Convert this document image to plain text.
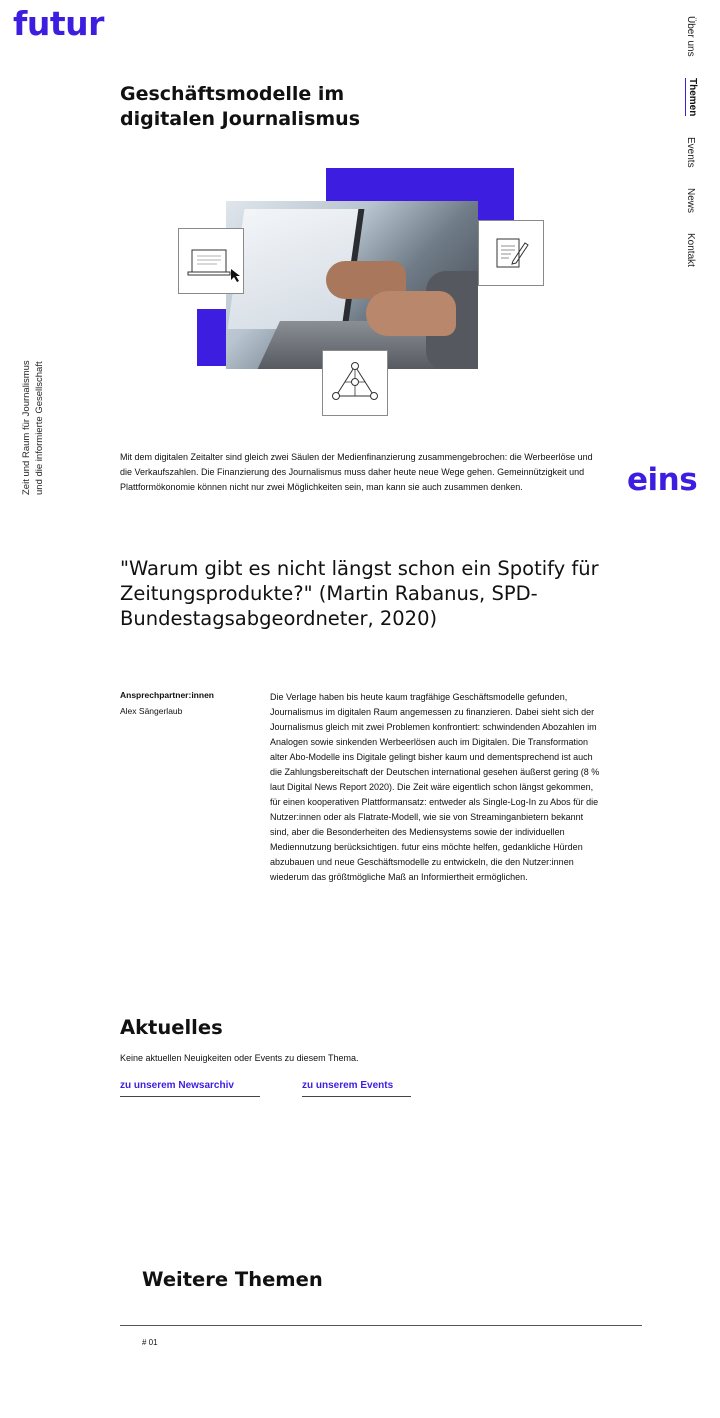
futur	Über uns
Themen
Events
News
Kontakt
Zeit und Raum für Journalismus und die informierte Gesellschaft
Geschäftsmodelle im digitalen Journalismus

Mit dem digitalen Zeitalter sind gleich zwei Säulen der Medienfinanzierung zusammengebrochen: die Werbeerlöse und die Verkaufszahlen. Die Finanzierung des Journalismus muss daher heute neue Wege gehen. Gemeinnützigkeit und Plattformökonomie können nicht nur zwei Möglichkeiten sein, man kann sie auch zusammen denken.	eins
"Warum gibt es nicht längst schon ein Spotify für Zeitungsprodukte?" (Martin Rabanus, SPD-Bundestagsabgeordneter, 2020)
Ansprechpartner:innen
Alex Sängerlaub

Die Verlage haben bis heute kaum tragfähige Geschäftsmodelle gefunden, Journalismus im digitalen Raum angemessen zu finanzieren. Dabei sieht sich der Journalismus gleich mit zwei Problemen konfrontiert: schwindenden Abozahlen im Analogen sowie sinkenden Werbeerlösen auch im Digitalen. Die Transformation alter Abo-Modelle ins Digitale gelingt bisher kaum und dementsprechend ist auch die Zahlungsbereitschaft der Deutschen international gesehen äußerst gering (8 % laut Digital News Report 2020). Die Zeit wäre eigentlich schon längst gekommen, für einen kooperativen Plattformansatz: entweder als Single-Log-In zu Abos für die Nutzer:innen oder als Flatrate-Modell, wie sie von Streaminganbietern bekannt sind, aber die Besonderheiten des Mediensystems sowie der individuellen Mediennutzung berücksichtigen. futur eins möchte helfen, gedankliche Hürden abzubauen und neue Geschäftsmodelle zu entwickeln, die den Nutzer:innen wiederum das größtmögliche Maß an Informiertheit ermöglichen.

Aktuelles

Keine aktuellen Neuigkeiten oder Events zu diesem Thema.

zu unserem Newsarchiv	zu unserem Events
Weitere Themen
# 01
